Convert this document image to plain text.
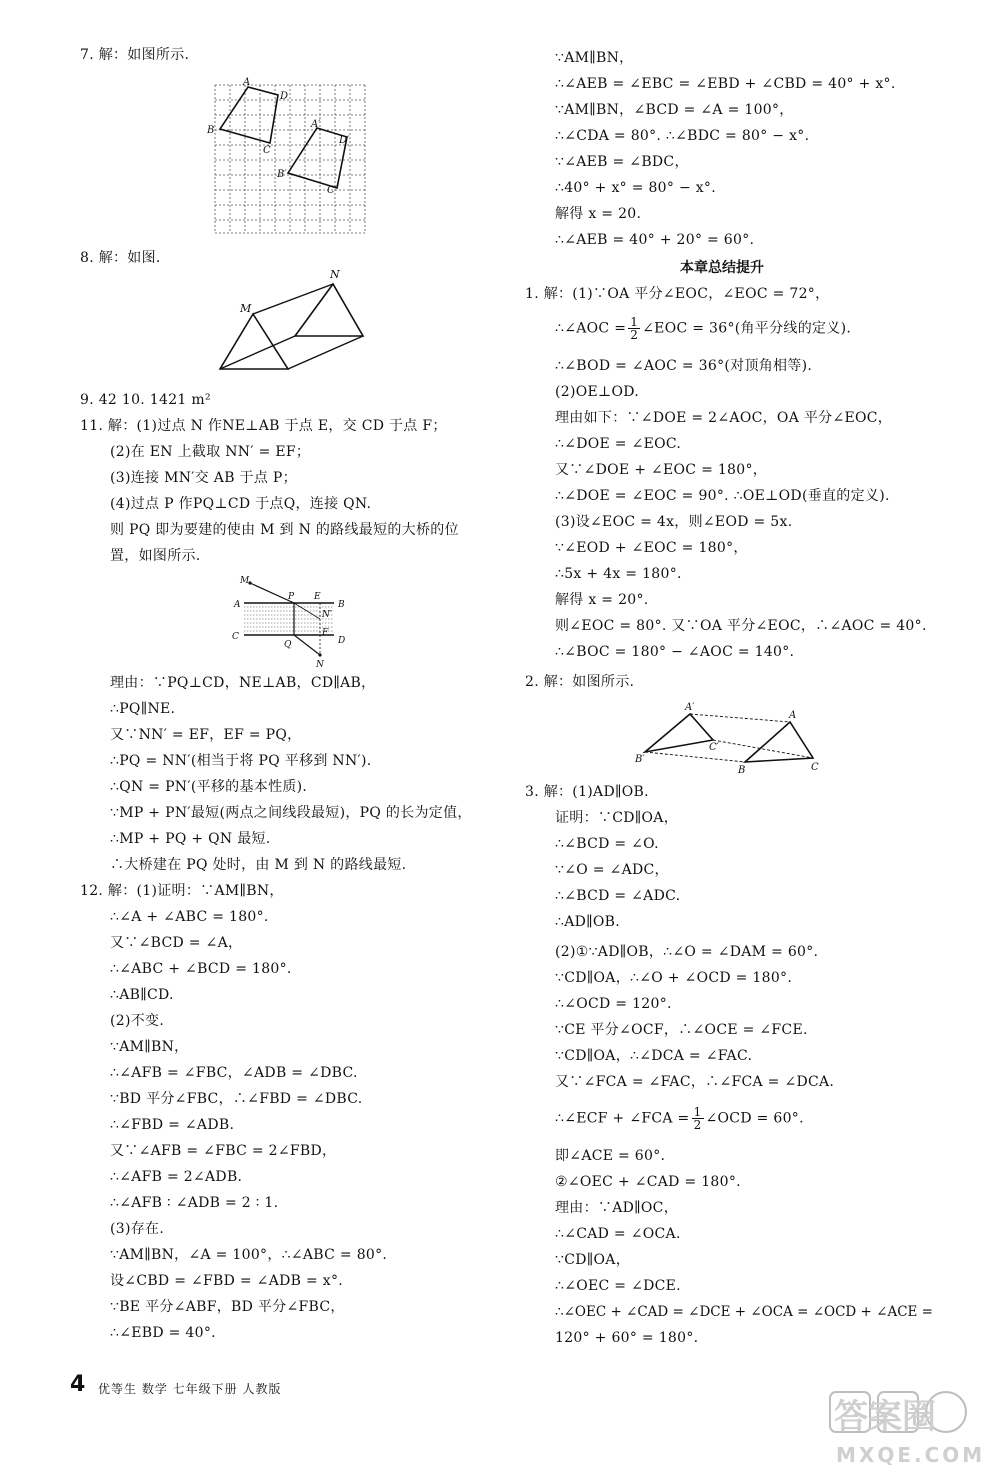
7. 解：如图所示.
A
D
B
C
A′
D′
B′
C′
8. 解：如图.
N
M
9. 42 10. 1421 m²
11. 解：(1)过点 N 作NE⊥AB 于点 E，交 CD 于点 F；
(2)在 EN 上截取 NN′ = EF；
(3)连接 MN′交 AB 于点 P；
(4)过点 P 作PQ⊥CD 于点Q，连接 QN.
则 PQ 即为要建的使由 M 到 N 的路线最短的大桥的位
置，如图所示.
M
A
P E
N′
B
C
Q
F
D
N
理由：∵PQ⊥CD，NE⊥AB，CD∥AB，
∴PQ∥NE.
又∵NN′ = EF，EF = PQ，
∴PQ = NN′(相当于将 PQ 平移到 NN′).
∴QN = PN′(平移的基本性质).
∵MP + PN′最短(两点之间线段最短)，PQ 的长为定值，
∴MP + PQ + QN 最短.
∴大桥建在 PQ 处时，由 M 到 N 的路线最短.
12. 解：(1)证明：∵AM∥BN，
∴∠A + ∠ABC = 180°.
又∵∠BCD = ∠A，
∴∠ABC + ∠BCD = 180°.
∴AB∥CD.
(2)不变.
∵AM∥BN，
∴∠AFB = ∠FBC，∠ADB = ∠DBC.
∵BD 平分∠FBC，∴∠FBD = ∠DBC.
∴∠FBD = ∠ADB.
又∵∠AFB = ∠FBC = 2∠FBD，
∴∠AFB = 2∠ADB.
∴∠AFB ∶ ∠ADB = 2 ∶ 1.
(3)存在.
∵AM∥BN，∠A = 100°，∴∠ABC = 80°.
设∠CBD = ∠FBD = ∠ADB = x°.
∵BE 平分∠ABF，BD 平分∠FBC，
∴∠EBD = 40°.
∵AM∥BN，
∴∠AEB = ∠EBC = ∠EBD + ∠CBD = 40° + x°.
∵AM∥BN，∠BCD = ∠A = 100°，
∴∠CDA = 80°. ∴∠BDC = 80° − x°.
∵∠AEB = ∠BDC，
∴40° + x° = 80° − x°.
解得 x = 20.
∴∠AEB = 40° + 20° = 60°.
本章总结提升
1. 解：(1)∵OA 平分∠EOC，∠EOC = 72°，
∴∠AOC = $\frac{1}{2}$ ∠EOC = 36°(角平分线的定义).
∴∠BOD = ∠AOC = 36°(对顶角相等).
(2)OE⊥OD.
理由如下：∵∠DOE = 2∠AOC，OA 平分∠EOC，
∴∠DOE = ∠EOC.
又∵∠DOE + ∠EOC = 180°，
∴∠DOE = ∠EOC = 90°. ∴OE⊥OD(垂直的定义).
(3)设∠EOC = 4x，则∠EOD = 5x.
∵∠EOD + ∠EOC = 180°，
∴5x + 4x = 180°.
解得 x = 20°.
则∠EOC = 80°. 又∵OA 平分∠EOC，∴∠AOC = 40°.
∴∠BOC = 180° − ∠AOC = 140°.
2. 解：如图所示.
A′
A
C′
B′
B	C
3. 解：(1)AD∥OB.
证明：∵CD∥OA，
∴∠BCD = ∠O.
∵∠O = ∠ADC，
∴∠BCD = ∠ADC.
∴AD∥OB.
(2)①∵AD∥OB，∴∠O = ∠DAM = 60°.
∵CD∥OA，∴∠O + ∠OCD = 180°.
∴∠OCD = 120°.
∵CE 平分∠OCF，∴∠OCE = ∠FCE.
∵CD∥OA，∴∠DCA = ∠FAC.
又∵∠FCA = ∠FAC，∴∠FCA = ∠DCA.
∴∠ECF + ∠FCA = $\frac{1}{2}$ ∠OCD = 60°.
即∠ACE = 60°.
②∠OEC + ∠CAD = 180°.
理由：∵AD∥OC，
∴∠CAD = ∠OCA.
∵CD∥OA，
∴∠OEC = ∠DCE.
∴∠OEC + ∠CAD = ∠DCE + ∠OCA = ∠OCD + ∠ACE =
120° + 60° = 180°.
4 优等生 数学 七年级下册 人教版
答案圈
MXQE.COM
